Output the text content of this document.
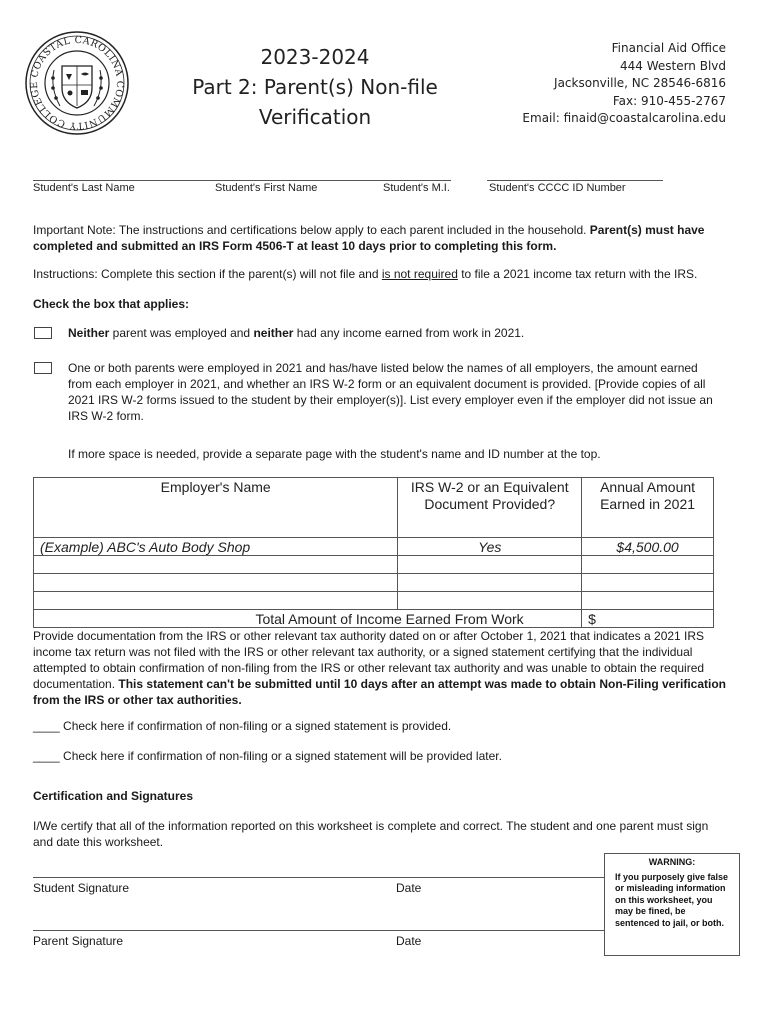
COASTAL CAROLINA COMMUNITY COLLEGE
2023-2024
Part 2: Parent(s) Non-file
Verification
Financial Aid Office
444 Western Blvd
Jacksonville, NC 28546-6816
Fax: 910-455-2767
Email: finaid@coastalcarolina.edu
Student's Last Name	Student's First Name	Student's M.I.	Student's CCCC ID Number
Important Note: The instructions and certifications below apply to each parent included in the household. Parent(s) must have completed and submitted an IRS Form 4506-T at least 10 days prior to completing this form.
Instructions: Complete this section if the parent(s) will not file and is not required to file a 2021 income tax return with the IRS.
Check the box that applies:
Neither parent was employed and neither had any income earned from work in 2021.
One or both parents were employed in 2021 and has/have listed below the names of all employers, the amount earned from each employer in 2021, and whether an IRS W-2 form or an equivalent document is provided. [Provide copies of all 2021 IRS W-2 forms issued to the student by their employer(s)]. List every employer even if the employer did not issue an IRS W-2 form.
If more space is needed, provide a separate page with the student's name and ID number at the top.
Employer's Name	IRS W-2 or an Equivalent Document Provided?	Annual Amount Earned in 2021
(Example) ABC's Auto Body Shop	Yes	$4,500.00

Total Amount of Income Earned From Work		$
Provide documentation from the IRS or other relevant tax authority dated on or after October 1, 2021 that indicates a 2021 IRS income tax return was not filed with the IRS or other relevant tax authority, or a signed statement certifying that the individual attempted to obtain confirmation of non-filing from the IRS or other relevant tax authority and was unable to obtain the required documentation. This statement can't be submitted until 10 days after an attempt was made to obtain Non-Filing verification from the IRS or other tax authorities.
____ Check here if confirmation of non-filing or a signed statement is provided.
____ Check here if confirmation of non-filing or a signed statement will be provided later.
Certification and Signatures
I/We certify that all of the information reported on this worksheet is complete and correct. The student and one parent must sign and date this worksheet.
Student Signature	Date
Parent Signature	Date
WARNING:
If you purposely give false or misleading information on this worksheet, you may be fined, be sentenced to jail, or both.
